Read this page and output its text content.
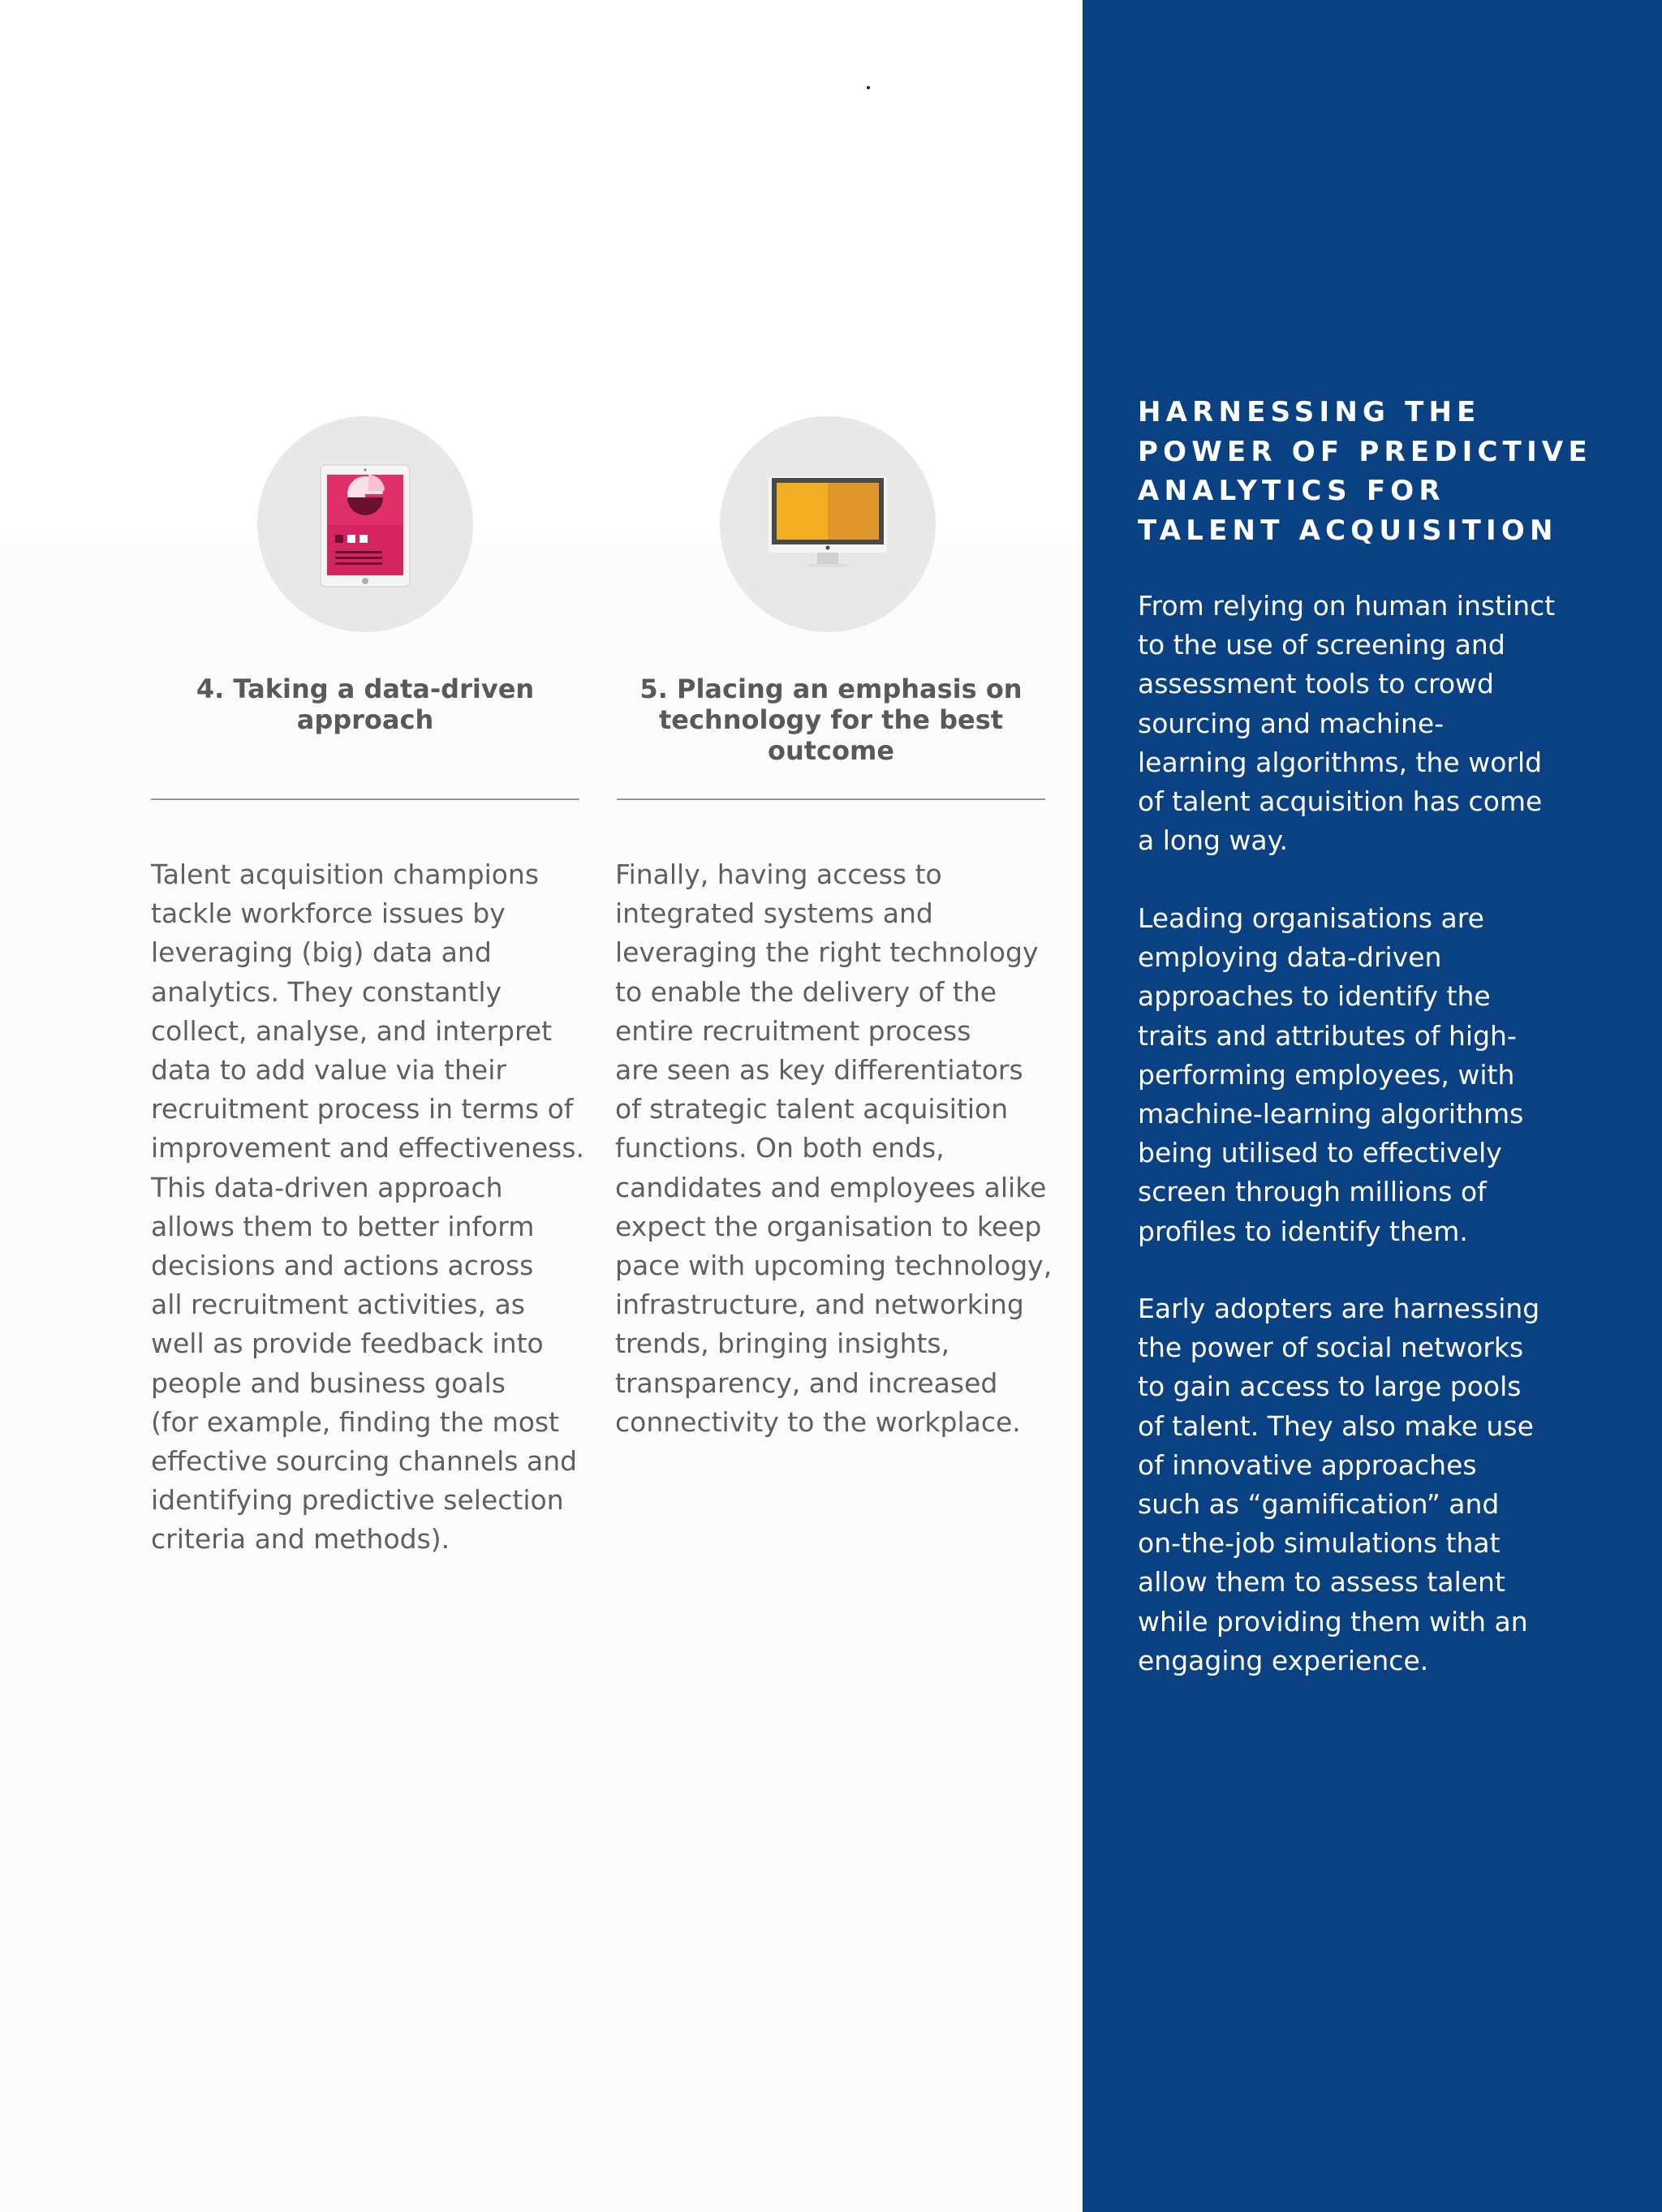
4. Taking a data-driven approach

Talent acquisition champions
tackle workforce issues by
leveraging (big) data and
analytics. They constantly
collect, analyse, and interpret
data to add value via their
recruitment process in terms of
improvement and effectiveness.
This data-driven approach
allows them to better inform
decisions and actions across
all recruitment activities, as
well as provide feedback into
people and business goals
(for example, finding the most
effective sourcing channels and
identifying predictive selection
criteria and methods).

5. Placing an emphasis on technology for the best outcome

Finally, having access to
integrated systems and
leveraging the right technology
to enable the delivery of the
entire recruitment process
are seen as key differentiators
of strategic talent acquisition
functions. On both ends,
candidates and employees alike
expect the organisation to keep
pace with upcoming technology,
infrastructure, and networking
trends, bringing insights,
transparency, and increased
connectivity to the workplace.

HARNESSING THE
POWER OF PREDICTIVE
ANALYTICS FOR
TALENT ACQUISITION

From relying on human instinct
to the use of screening and
assessment tools to crowd
sourcing and machine-
learning algorithms, the world
of talent acquisition has come
a long way.

Leading organisations are
employing data-driven
approaches to identify the
traits and attributes of high-
performing employees, with
machine-learning algorithms
being utilised to effectively
screen through millions of
profiles to identify them.

Early adopters are harnessing
the power of social networks
to gain access to large pools
of talent. They also make use
of innovative approaches
such as “gamification” and
on-the-job simulations that
allow them to assess talent
while providing them with an
engaging experience.
